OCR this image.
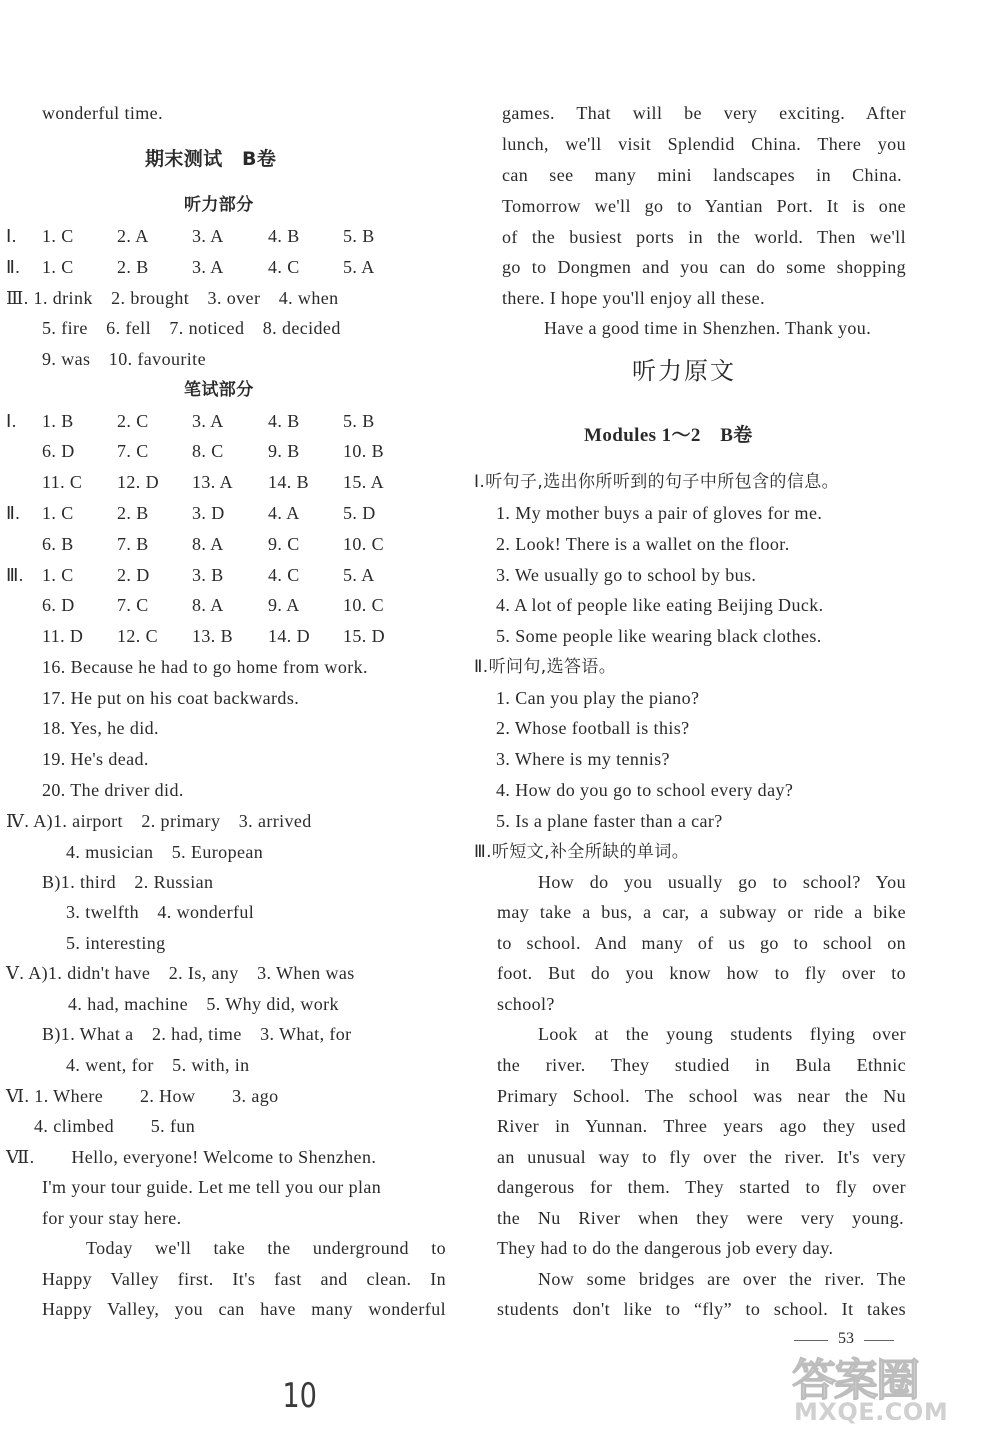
53
10	答案圈
MXQE.COM
wonderful time.
期末测试　B卷
听力部分
笔试部分
16. Because he had to go home from work.
17. He put on his coat backwards.
18. Yes, he did.
19. He's dead.
20. The driver did.
Ⅳ. A)1. airport　2. primary　3. arrived
4. musician　5. European
B)1. third　2. Russian
3. twelfth　4. wonderful
5. interesting
Ⅴ. A)1. didn't have　2. Is, any　3. When was
4. had, machine　5. Why did, work
B)1. What a　2. had, time　3. What, for
4. went, for　5. with, in
Ⅵ. 1. Where　　2. How　　3. ago
4. climbed　　5. fun
Ⅶ.　　Hello, everyone! Welcome to Shenzhen.
I'm your tour guide. Let me tell you our plan
for your stay here.
Today we'll take the underground to
Happy Valley first. It's fast and clean. In
Happy Valley, you can have many wonderful
Ⅲ. 1. drink　2. brought　3. over　4. when
5. fire　6. fell　7. noticed　8. decided
9. was　10. favourite
games. That will be very exciting. After
lunch, we'll visit Splendid China. There you
can see many mini landscapes in China.
Tomorrow we'll go to Yantian Port. It is one
of the busiest ports in the world. Then we'll
go to Dongmen and you can do some shopping
there. I hope you'll enjoy all these.
Have a good time in Shenzhen. Thank you.
听力原文
Modules 1～2　B卷
Ⅰ.听句子,选出你所听到的句子中所包含的信息。
1. My mother buys a pair of gloves for me.
2. Look! There is a wallet on the floor.
3. We usually go to school by bus.
4. A lot of people like eating Beijing Duck.
5. Some people like wearing black clothes.
Ⅱ.听问句,选答语。
1. Can you play the piano?
2. Whose football is this?
3. Where is my tennis?
4. How do you go to school every day?
5. Is a plane faster than a car?
Ⅲ.听短文,补全所缺的单词。
How do you usually go to school? You
may take a bus, a car, a subway or ride a bike
to school. And many of us go to school on
foot. But do you know how to fly over to
school?
Look at the young students flying over
the river. They studied in Bula Ethnic
Primary School. The school was near the Nu
River in Yunnan. Three years ago they used
an unusual way to fly over the river. It's very
dangerous for them. They started to fly over
the Nu River when they were very young.
They had to do the dangerous job every day.
Now some bridges are over the river. The
students don't like to “fly” to school. It takes
Ⅰ. 1. C 2. A 3. A 4. B 5. B
Ⅱ. 1. C 2. B 3. A 4. C 5. A
Ⅰ. 1. B 2. C 3. A 4. B 5. B
6. D 7. C 8. C 9. B 10. B
11. C 12. D 13. A 14. B 15. A
Ⅱ. 1. C 2. B 3. D 4. A 5. D
6. B 7. B 8. A 9. C 10. C
Ⅲ. 1. C 2. D 3. B 4. C 5. A
6. D 7. C 8. A 9. A 10. C
11. D 12. C 13. B 14. D 15. D
